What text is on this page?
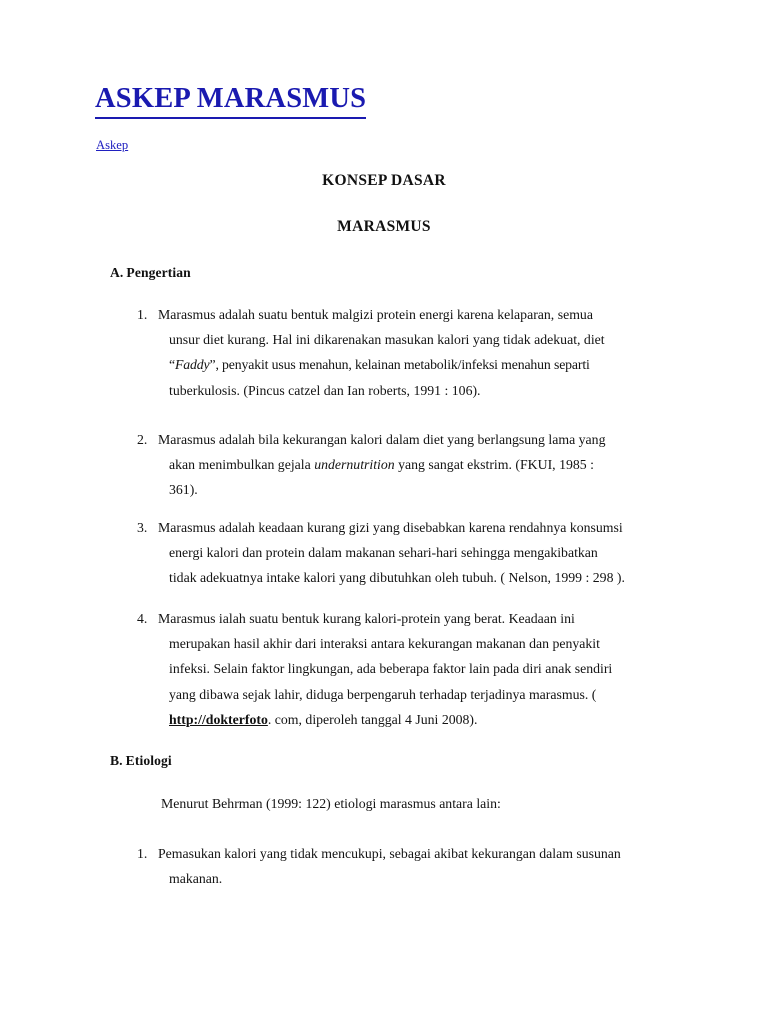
ASKEP MARASMUS
Askep
KONSEP DASAR
MARASMUS
A. Pengertian
1. Marasmus adalah suatu bentuk malgizi protein energi karena kelaparan, semua
unsur diet kurang. Hal ini dikarenakan masukan kalori yang tidak adekuat, diet
“Faddy”, penyakit usus menahun, kelainan metabolik/infeksi menahun separti
tuberkulosis. (Pincus catzel dan Ian roberts, 1991 : 106).
2. Marasmus adalah bila kekurangan kalori dalam diet yang berlangsung lama yang
akan menimbulkan gejala undernutrition yang sangat ekstrim. (FKUI, 1985 :
361).
3. Marasmus adalah keadaan kurang gizi yang disebabkan karena rendahnya konsumsi
energi kalori dan protein dalam makanan sehari-hari sehingga mengakibatkan
tidak adekuatnya intake kalori yang dibutuhkan oleh tubuh. ( Nelson, 1999 : 298 ).
4. Marasmus ialah suatu bentuk kurang kalori-protein yang berat. Keadaan ini
merupakan hasil akhir dari interaksi antara kekurangan makanan dan penyakit
infeksi. Selain faktor lingkungan, ada beberapa faktor lain pada diri anak sendiri
yang dibawa sejak lahir, diduga berpengaruh terhadap terjadinya marasmus. (
http://dokterfoto. com, diperoleh tanggal 4 Juni 2008).
B. Etiologi
Menurut Behrman (1999: 122) etiologi marasmus antara lain:
1. Pemasukan kalori yang tidak mencukupi, sebagai akibat kekurangan dalam susunan
makanan.
